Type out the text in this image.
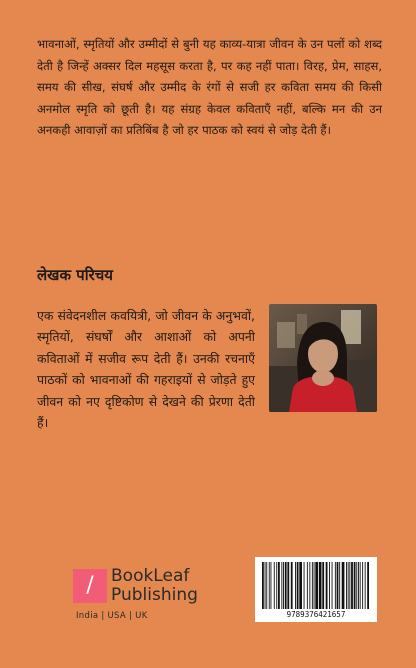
भावनाओं, स्मृतियों और उम्मीदों से बुनी यह काव्य-यात्रा जीवन के उन पलों को शब्द देती है जिन्हें अक्सर दिल महसूस करता है, पर कह नहीं पाता। विरह, प्रेम, साहस, समय की सीख, संघर्ष और उम्मीद के रंगों से सजी हर कविता समय की किसी अनमोल स्मृति को छूती है। यह संग्रह केवल कविताएँ नहीं, बल्कि मन की उन अनकही आवाज़ों का प्रतिबिंब है जो हर पाठक को स्वयं से जोड़ देती हैं।

लेखक परिचय

एक संवेदनशील कवयित्री, जो जीवन के अनुभवों, स्मृतियों, संघर्षों और आशाओं को अपनी कविताओं में सजीव रूप देती हैं। उनकी रचनाएँ पाठकों को भावनाओं की गहराइयों से जोड़ते हुए जीवन को नए दृष्टिकोण से देखने की प्रेरणा देती हैं।

/	BookLeaf
Publishing
India | USA | UK	9789376421657
